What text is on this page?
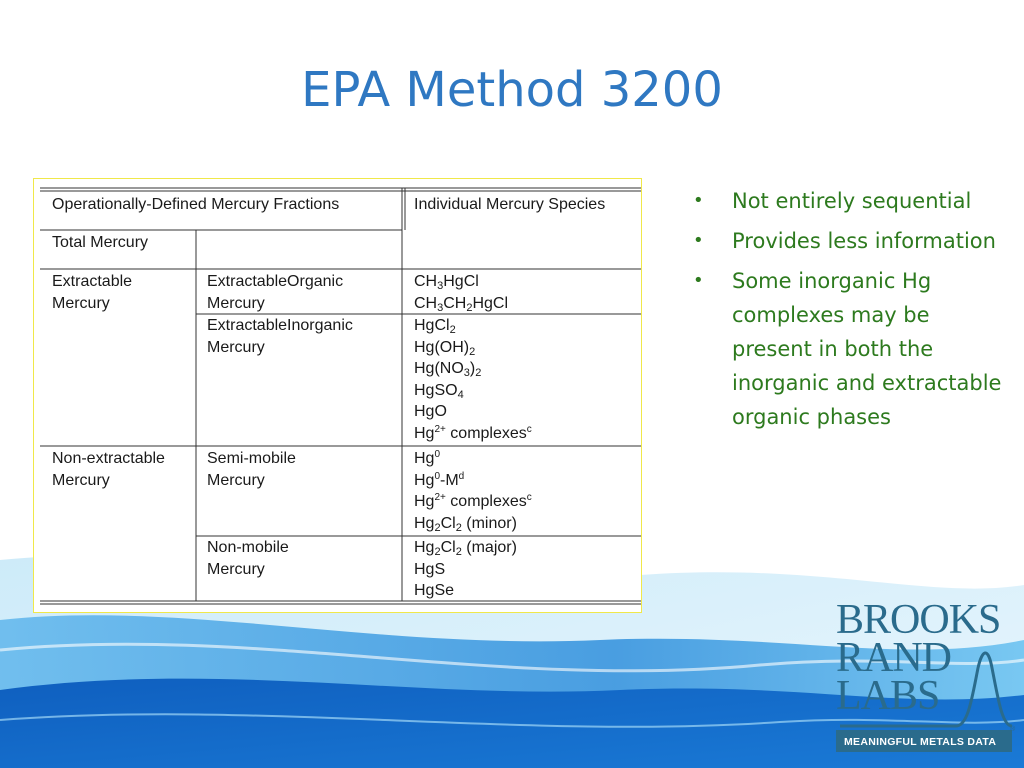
EPA Method 3200
Operationally-Defined Mercury Fractions	Individual Mercury Species
Total Mercury
Extractable
Mercury
ExtractableOrganic
Mercury
$CH_3HgCl$
$CH_3CH_2HgCl$
ExtractableInorganic
Mercury
HgCl$_2$
$Hg(OH)_2$
$Hg(NO_3)_2$
HgSO$_4$
HgO
$Hg^{2+}$ complexes$^c$
Non-extractable
Mercury
Semi-mobile
Mercury
Hg$^0$
$Hg^0-M^d$
$Hg^{2+}$ complexes$^c$
$Hg_2Cl_2$ (minor)
Non-mobile
Mercury
$Hg_2Cl_2$ (major)
HgS
HgSe
• Not entirely sequential
• Provides less information
• Some inorganic Hg complexes may be present in both the inorganic and extractable organic phases
BROOKS
RAND
LABS
®
MEANINGFUL METALS DATA
